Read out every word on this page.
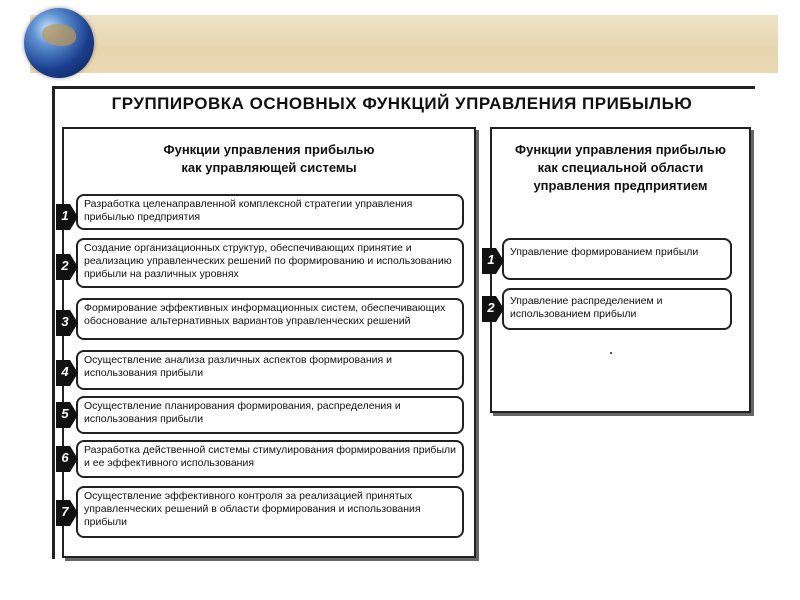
ГРУППИРОВКА ОСНОВНЫХ ФУНКЦИЙ УПРАВЛЕНИЯ ПРИБЫЛЬЮ
Функции управления прибылью
как управляющей системы
Разработка целенаправленной комплексной стратегии управления прибылью предприятия
1
Создание организационных структур, обеспечивающих принятие и реализацию управленческих решений по формированию и использованию прибыли на различных уровнях
2
Формирование эффективных информационных систем, обеспечивающих обоснование альтернативных вариантов управленческих решений
3
Осуществление анализа различных аспектов формирования и использования прибыли
4
Осуществление планирования формирования, распределения и использования прибыли
5
Разработка действенной системы стимулирования формирования прибыли и ее эффективного использования
6
Осуществление эффективного контроля за реализацией принятых управленческих решений в области формирования и использования прибыли
7
Функции управления прибылью
как специальной области
управления предприятием
Управление формированием прибыли
1
Управление распределением и использованием прибыли
2
